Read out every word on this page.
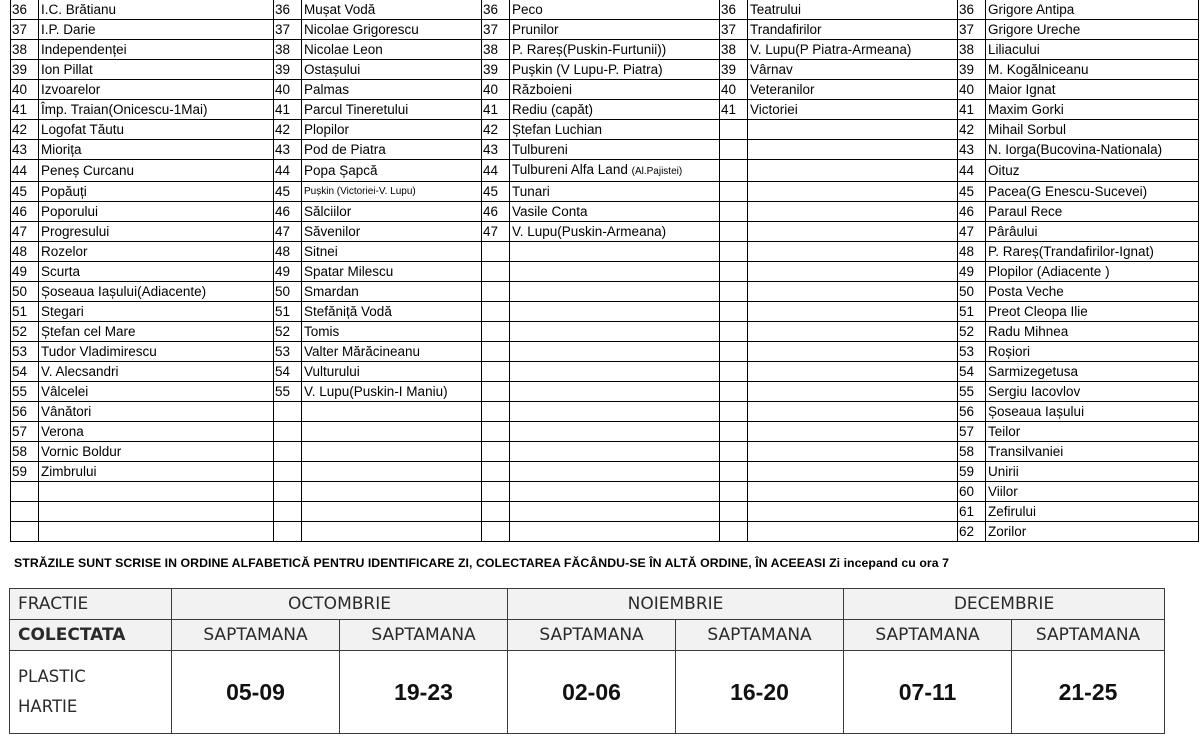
36	I.C. Brătianu	36	Mușat Vodă	36	Peco	36	Teatrului	36	Grigore Antipa
37	I.P. Darie	37	Nicolae Grigorescu	37	Prunilor	37	Trandafirilor	37	Grigore Ureche
38	Independenței	38	Nicolae Leon	38	P. Rareș(Puskin-Furtunii))	38	V. Lupu(P Piatra-Armeana)	38	Liliacului
39	Ion Pillat	39	Ostașului	39	Pușkin (V Lupu-P. Piatra)	39	Vârnav	39	M. Kogălniceanu
40	Izvoarelor	40	Palmas	40	Războieni	40	Veteranilor	40	Maior Ignat
41	Împ. Traian(Onicescu-1Mai)	41	Parcul Tineretului	41	Rediu (capăt)	41	Victoriei	41	Maxim Gorki
42	Logofat Tăutu	42	Plopilor	42	Ștefan Luchian			42	Mihail Sorbul
43	Miorița	43	Pod de Piatra	43	Tulbureni			43	N. Iorga(Bucovina-Nationala)
44	Peneș Curcanu	44	Popa Șapcă	44	Tulbureni Alfa Land (Al.Pajistei)			44	Oituz
45	Popăuți	45	Pușkin (Victoriei-V. Lupu)	45	Tunari			45	Pacea(G Enescu-Sucevei)
46	Poporului	46	Sălciilor	46	Vasile Conta			46	Paraul Rece
47	Progresului	47	Săvenilor	47	V. Lupu(Puskin-Armeana)			47	Pârâului
48	Rozelor	48	Sitnei					48	P. Rareș(Trandafirilor-Ignat)
49	Scurta	49	Spatar Milescu					49	Plopilor (Adiacente )
50	Șoseaua Iașului(Adiacente)	50	Smardan					50	Posta Veche
51	Stegari	51	Stefăniță Vodă					51	Preot Cleopa Ilie
52	Ștefan cel Mare	52	Tomis					52	Radu Mihnea
53	Tudor Vladimirescu	53	Valter Mărăcineanu					53	Roșiori
54	V. Alecsandri	54	Vulturului					54	Sarmizegetusa
55	Vâlcelei	55	V. Lupu(Puskin-I Maniu)					55	Sergiu Iacovlov
56	Vânători							56	Șoseaua Iașului
57	Verona							57	Teilor
58	Vornic Boldur							58	Transilvaniei
59	Zimbrului							59	Unirii
								60	Viilor
								61	Zefirului
								62	Zorilor
STRĂZILE SUNT SCRISE IN ORDINE ALFABETICĂ PENTRU IDENTIFICARE ZI, COLECTAREA FĂCÂNDU-SE ÎN ALTĂ ORDINE, ÎN ACEEASI Zi incepand cu ora 7
FRACTIE	OCTOMBRIE		NOIEMBRIE		DECEMBRIE	
COLECTATA	SAPTAMANA	SAPTAMANA	SAPTAMANA	SAPTAMANA	SAPTAMANA	SAPTAMANA

PLASTIC
HARTIE	05-09	19-23	02-06	16-20	07-11	21-25
